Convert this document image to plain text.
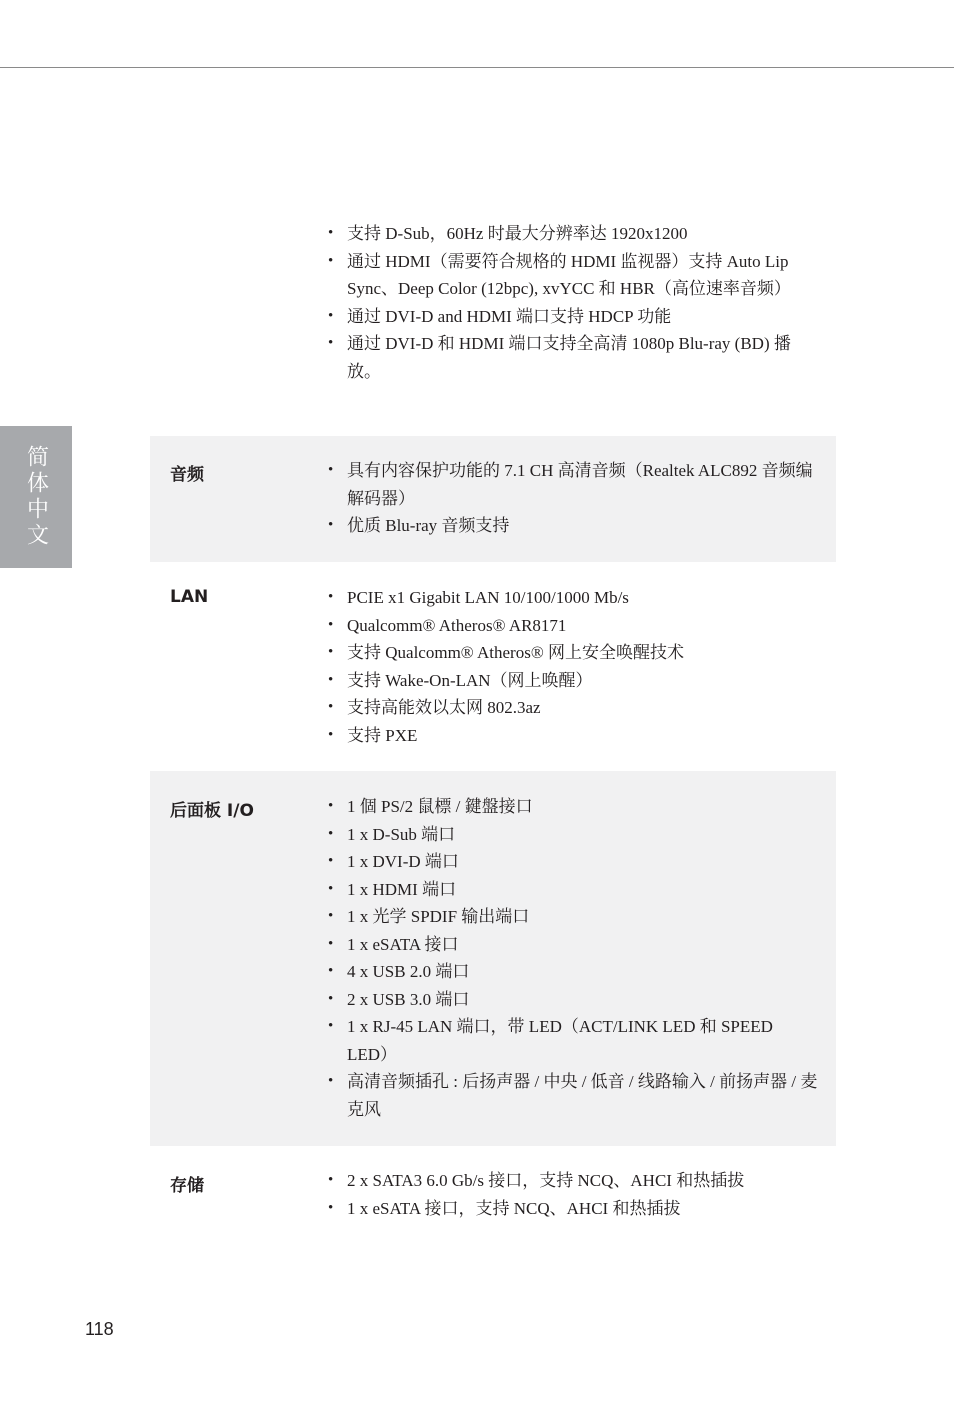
简体中文
• 支持 D-Sub，60Hz 时最大分辨率达 1920x1200
• 通过 HDMI（需要符合规格的 HDMI 监视器）支持 Auto Lip Sync、Deep Color (12bpc), xvYCC 和 HBR（高位速率音频）
• 通过 DVI-D and HDMI 端口支持 HDCP 功能
• 通过 DVI-D 和 HDMI 端口支持全高清 1080p Blu-ray (BD) 播放。
音频	• 具有内容保护功能的 7.1 CH 高清音频（Realtek ALC892 音频编解码器）
• 优质 Blu-ray 音频支持
LAN	• PCIE x1 Gigabit LAN 10/100/1000 Mb/s
• Qualcomm® Atheros® AR8171
• 支持 Qualcomm® Atheros® 网上安全唤醒技术
• 支持 Wake-On-LAN（网上唤醒）
• 支持高能效以太网 802.3az
• 支持 PXE
后面板 I/O	• 1 個 PS/2 鼠標 / 鍵盤接口
• 1 x D-Sub 端口
• 1 x DVI-D 端口
• 1 x HDMI 端口
• 1 x 光学 SPDIF 输出端口
• 1 x eSATA 接口
• 4 x USB 2.0 端口
• 2 x USB 3.0 端口
• 1 x RJ-45 LAN 端口，带 LED（ACT/LINK LED 和 SPEED LED）
• 高清音频插孔 : 后扬声器 / 中央 / 低音 / 线路输入 / 前扬声器 / 麦克风
存储	• 2 x SATA3 6.0 Gb/s 接口，支持 NCQ、AHCI 和热插拔
• 1 x eSATA 接口，支持 NCQ、AHCI 和热插拔
118
